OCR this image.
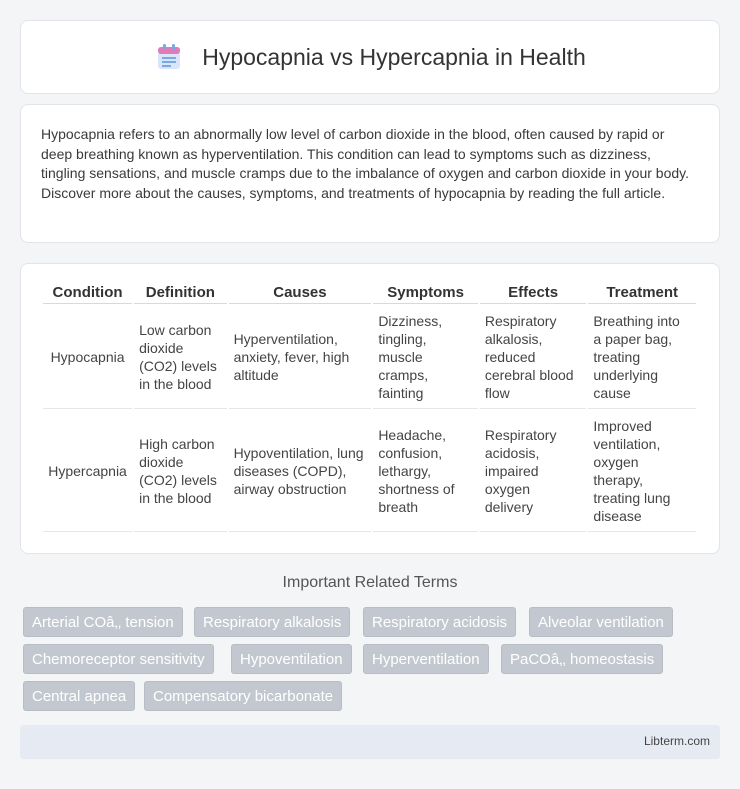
Hypocapnia vs Hypercapnia in Health

Hypocapnia refers to an abnormally low level of carbon dioxide in the blood, often caused by rapid or deep breathing known as hyperventilation. This condition can lead to symptoms such as dizziness, tingling sensations, and muscle cramps due to the imbalance of oxygen and carbon dioxide in your body. Discover more about the causes, symptoms, and treatments of hypocapnia by reading the full article.

Condition	Definition	Causes	Symptoms	Effects	Treatment
Hypocapnia	Low carbon dioxide (CO2) levels in the blood	Hyperventilation, anxiety, fever, high altitude	Dizziness, tingling, muscle cramps, fainting	Respiratory alkalosis, reduced cerebral blood flow	Breathing into a paper bag, treating underlying cause
Hypercapnia	High carbon dioxide (CO2) levels in the blood	Hypoventilation, lung diseases (COPD), airway obstruction	Headache, confusion, lethargy, shortness of breath	Respiratory acidosis, impaired oxygen delivery	Improved ventilation, oxygen therapy, treating lung disease
Important Related Terms
Arterial COâ‚‚ tension	Respiratory alkalosis	Respiratory acidosis	Alveolar ventilation
Chemoreceptor sensitivity	Hypoventilation	Hyperventilation	PaCOâ‚‚ homeostasis
Central apnea	Compensatory bicarbonate
Libterm.com
